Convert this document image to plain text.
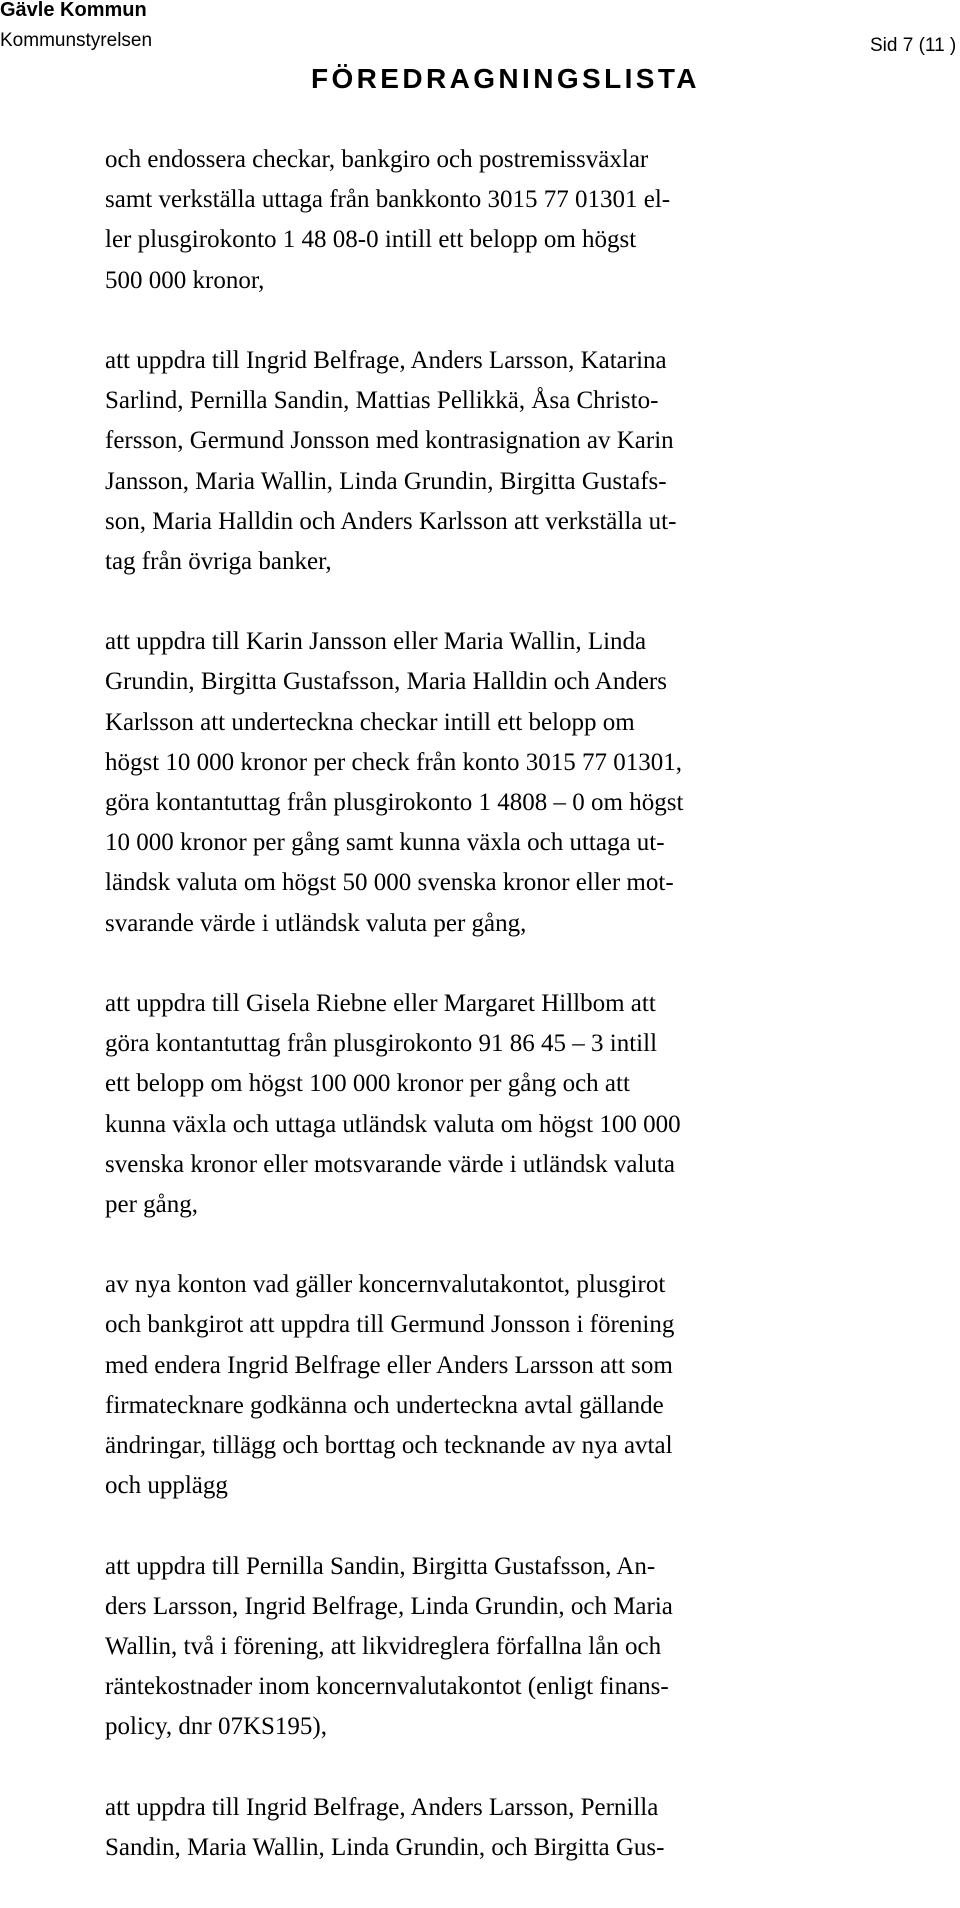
Gävle Kommun
Kommunstyrelsen
FÖREDRAGNINGSLISTA
Sid 7 (11 )
och endossera checkar, bankgiro och postremissväxlar
samt verkställa uttaga från bankkonto 3015 77 01301 el-
ler plusgirokonto 1 48 08-0 intill ett belopp om högst
500 000 kronor,
att uppdra till Ingrid Belfrage, Anders Larsson, Katarina
Sarlind, Pernilla Sandin, Mattias Pellikkä, Åsa Christo-
fersson, Germund Jonsson med kontrasignation av Karin
Jansson, Maria Wallin, Linda Grundin, Birgitta Gustafs-
son, Maria Halldin och Anders Karlsson att verkställa ut-
tag från övriga banker,
att uppdra till Karin Jansson eller Maria Wallin, Linda
Grundin, Birgitta Gustafsson, Maria Halldin och Anders
Karlsson att underteckna checkar intill ett belopp om
högst 10 000 kronor per check från konto 3015 77 01301,
göra kontantuttag från plusgirokonto 1 4808 – 0 om högst
10 000 kronor per gång samt kunna växla och uttaga ut-
ländsk valuta om högst 50 000 svenska kronor eller mot-
svarande värde i utländsk valuta per gång,
att uppdra till Gisela Riebne eller Margaret Hillbom att
göra kontantuttag från plusgirokonto 91 86 45 – 3 intill
ett belopp om högst 100 000 kronor per gång och att
kunna växla och uttaga utländsk valuta om högst 100 000
svenska kronor eller motsvarande värde i utländsk valuta
per gång,
av nya konton vad gäller koncernvalutakontot, plusgirot
och bankgirot att uppdra till Germund Jonsson i förening
med endera Ingrid Belfrage eller Anders Larsson att som
firmatecknare godkänna och underteckna avtal gällande
ändringar, tillägg och borttag och tecknande av nya avtal
och upplägg
att uppdra till Pernilla Sandin, Birgitta Gustafsson, An-
ders Larsson, Ingrid Belfrage, Linda Grundin, och Maria
Wallin, två i förening, att likvidreglera förfallna lån och
räntekostnader inom koncernvalutakontot (enligt finans-
policy, dnr 07KS195),
att uppdra till Ingrid Belfrage, Anders Larsson, Pernilla
Sandin, Maria Wallin, Linda Grundin, och Birgitta Gus-
